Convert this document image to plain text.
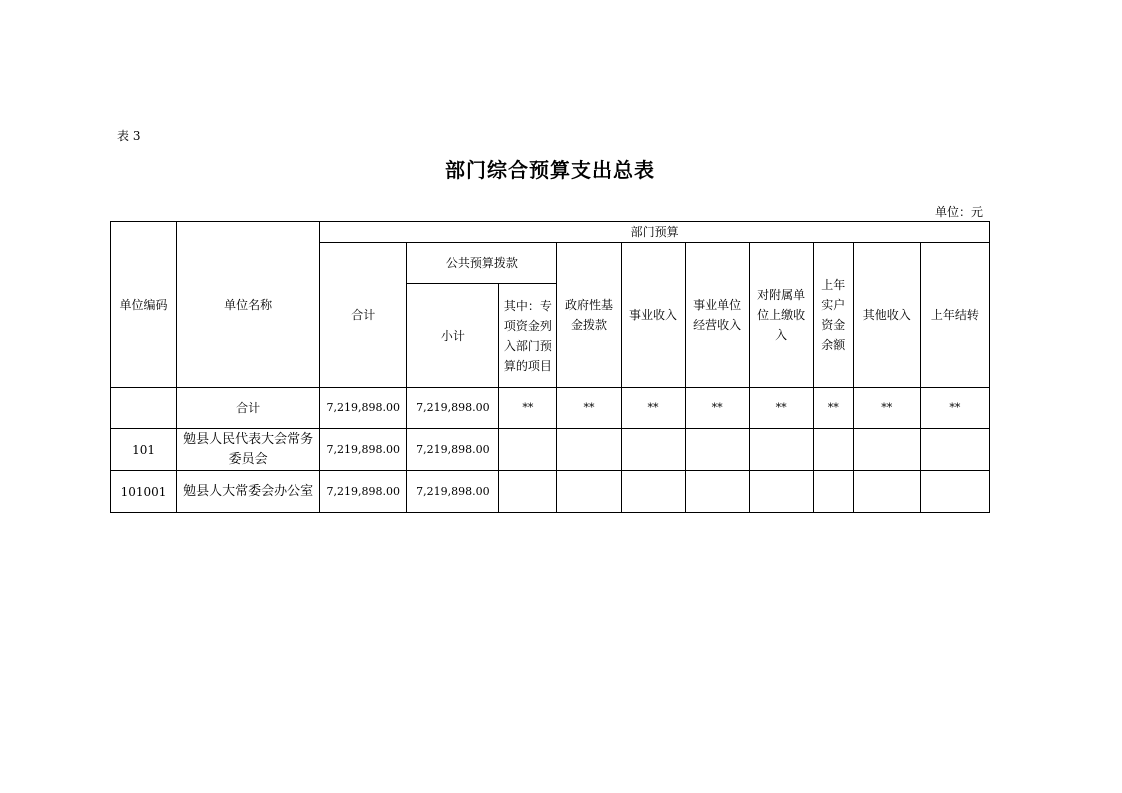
表 3
部门综合预算支出总表
单位：元
单位编码	单位名称	部门预算									
		合计	公共预算拨款		政府性基金拨款	事业收入	事业单位经营收入	对附属单位上缴收入	上年实户资金余额	其他收入	上年结转
			小计	其中：专项资金列入部门预算的项目							
	合计	7,219,898.00	7,219,898.00	**	**	**	**	**	**	**	**
101	勉县人民代表大会常务委员会	7,219,898.00	7,219,898.00								
101001	勉县人大常委会办公室	7,219,898.00	7,219,898.00								
